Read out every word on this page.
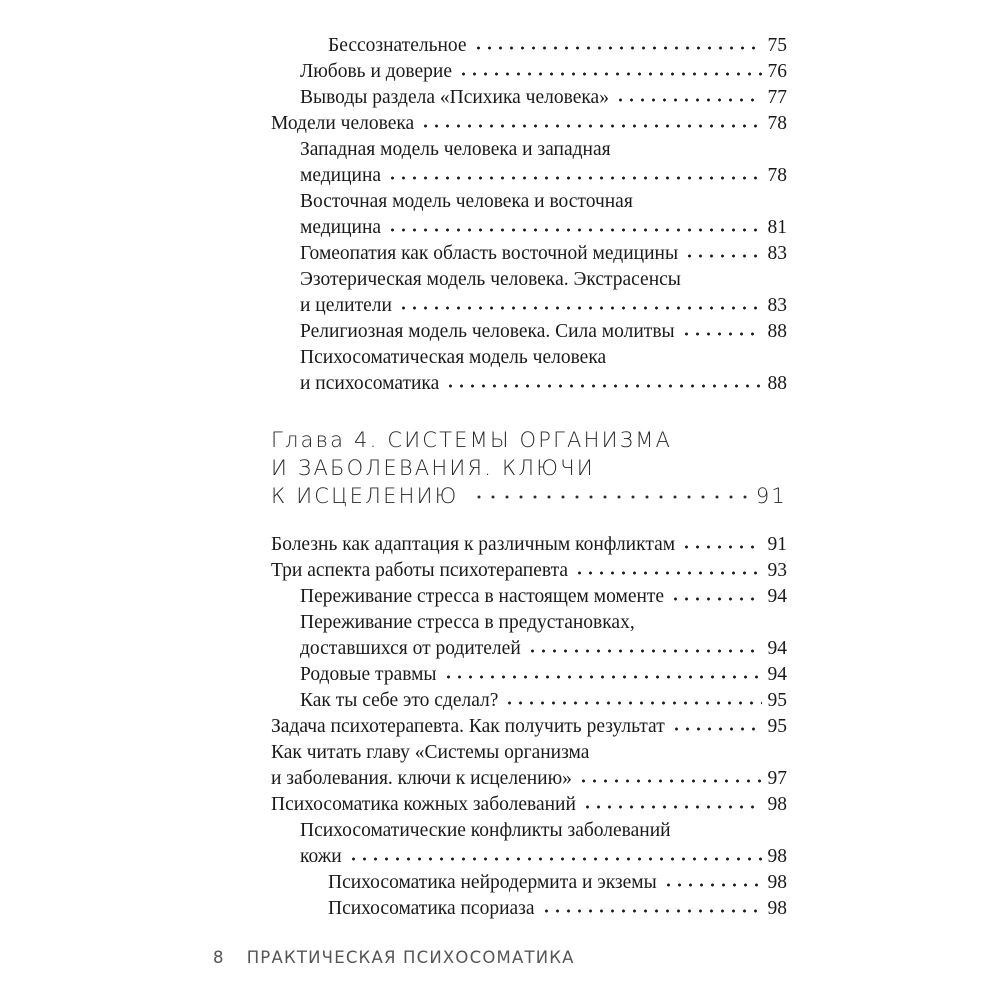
Бессознательное	75
Любовь и доверие	76
Выводы раздела «Психика человека»	77
Модели человека	78
Западная модель человека и западная
медицина	78
Восточная модель человека и восточная
медицина	81
Гомеопатия как область восточной медицины	83
Эзотерическая модель человека. Экстрасенсы
и целители	83
Религиозная модель человека. Сила молитвы	88
Психосоматическая модель человека
и психосоматика	88
Глава 4. СИСТЕМЫ ОРГАНИЗМА
И ЗАБОЛЕВАНИЯ. КЛЮЧИ
К ИСЦЕЛЕНИЮ	91
Болезнь как адаптация к различным конфликтам	91
Три аспекта работы психотерапевта	93
Переживание стресса в настоящем моменте	94
Переживание стресса в предустановках,
доставшихся от родителей	94
Родовые травмы	94
Как ты себе это сделал?	95
Задача психотерапевта. Как получить результат	95
Как читать главу «Системы организма
и заболевания. ключи к исцелению»	97
Психосоматика кожных заболеваний	98
Психосоматические конфликты заболеваний
кожи	98
Психосоматика нейродермита и экземы	98
Психосоматика псориаза	98
8 ПРАКТИЧЕСКАЯ ПСИХОСОМАТИКА
